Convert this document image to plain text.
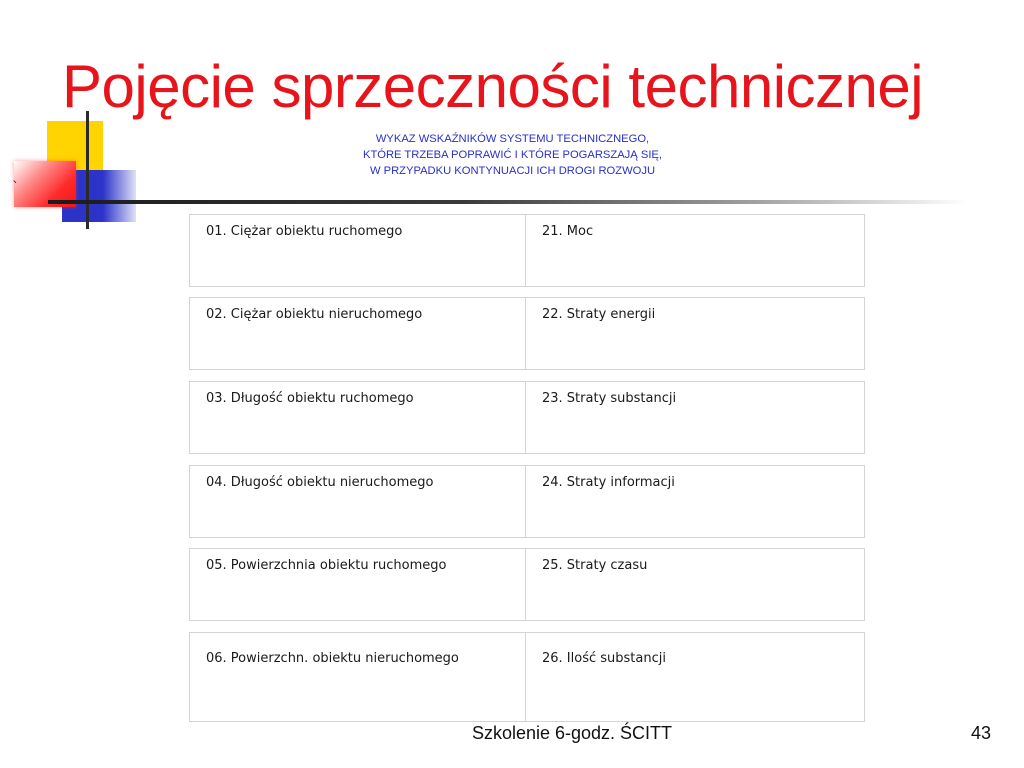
`
Pojęcie sprzeczności technicznej
WYKAZ WSKAŹNIKÓW SYSTEMU TECHNICZNEGO,
KTÓRE TRZEBA POPRAWIĆ I KTÓRE POGARSZAJĄ SIĘ,
W PRZYPADKU KONTYNUACJI ICH DROGI ROZWOJU
01. Ciężar obiektu ruchomego	21. Moc
02. Ciężar obiektu nieruchomego	22. Straty energii
03. Długość obiektu ruchomego	23. Straty substancji
04. Długość obiektu nieruchomego	24. Straty informacji
05. Powierzchnia obiektu ruchomego	25. Straty czasu
06. Powierzchn. obiektu nieruchomego	26. Ilość substancji
Szkolenie 6-godz. ŚCITT	43
